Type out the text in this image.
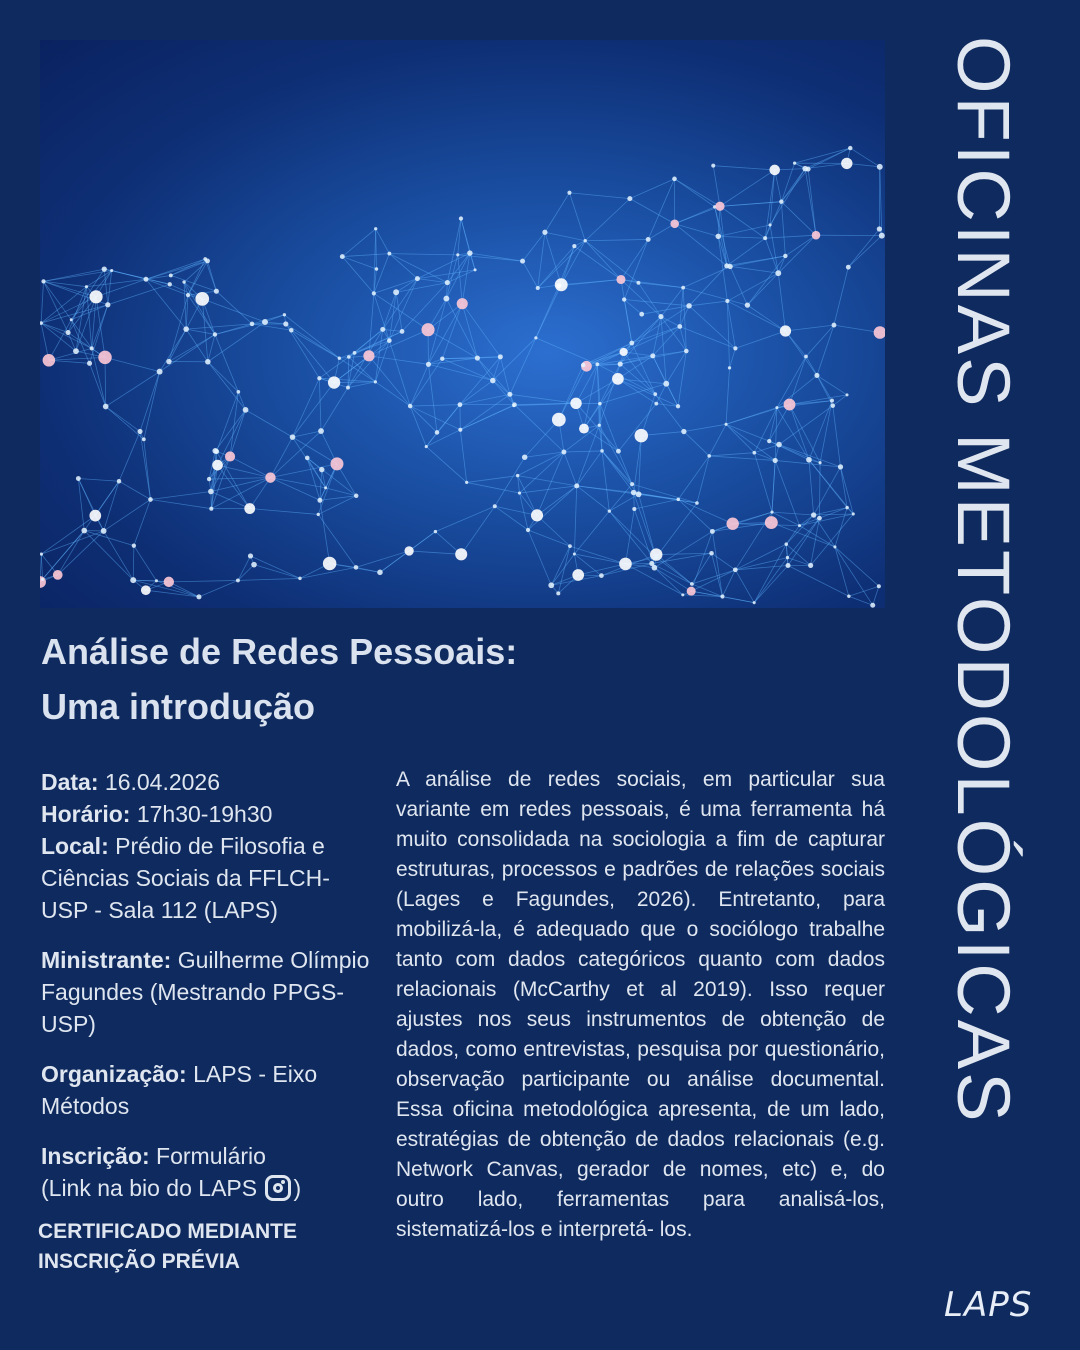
Análise de Redes Pessoais:
Uma introdução
Data: 16.04.2026
Horário: 17h30-19h30
Local: Prédio de Filosofia e Ciências Sociais da FFLCH-USP - Sala 112 (LAPS)
Ministrante: Guilherme Olímpio Fagundes (Mestrando PPGS-USP)
Organização: LAPS - Eixo Métodos
Inscrição: Formulário
(Link na bio do LAPS )
CERTIFICADO MEDIANTE
INSCRIÇÃO PRÉVIA
A análise de redes sociais, em particular sua variante em redes pessoais, é uma ferramenta há muito consolidada na sociologia a fim de capturar estruturas, processos e padrões de relações sociais (Lages e Fagundes, 2026). Entretanto, para mobilizá-la, é adequado que o sociólogo trabalhe tanto com dados categóricos quanto com dados relacionais (McCarthy et al 2019). Isso requer ajustes nos seus instrumentos de obtenção de dados, como entrevistas, pesquisa por questionário, observação participante ou análise documental. Essa oficina metodológica apresenta, de um lado, estratégias de obtenção de dados relacionais (e.g. Network Canvas, gerador de nomes, etc) e, do outro lado, ferramentas para analisá-los, sistematizá-los e interpretá- los.
OFICINAS METODOLÓGICAS
LAPS
